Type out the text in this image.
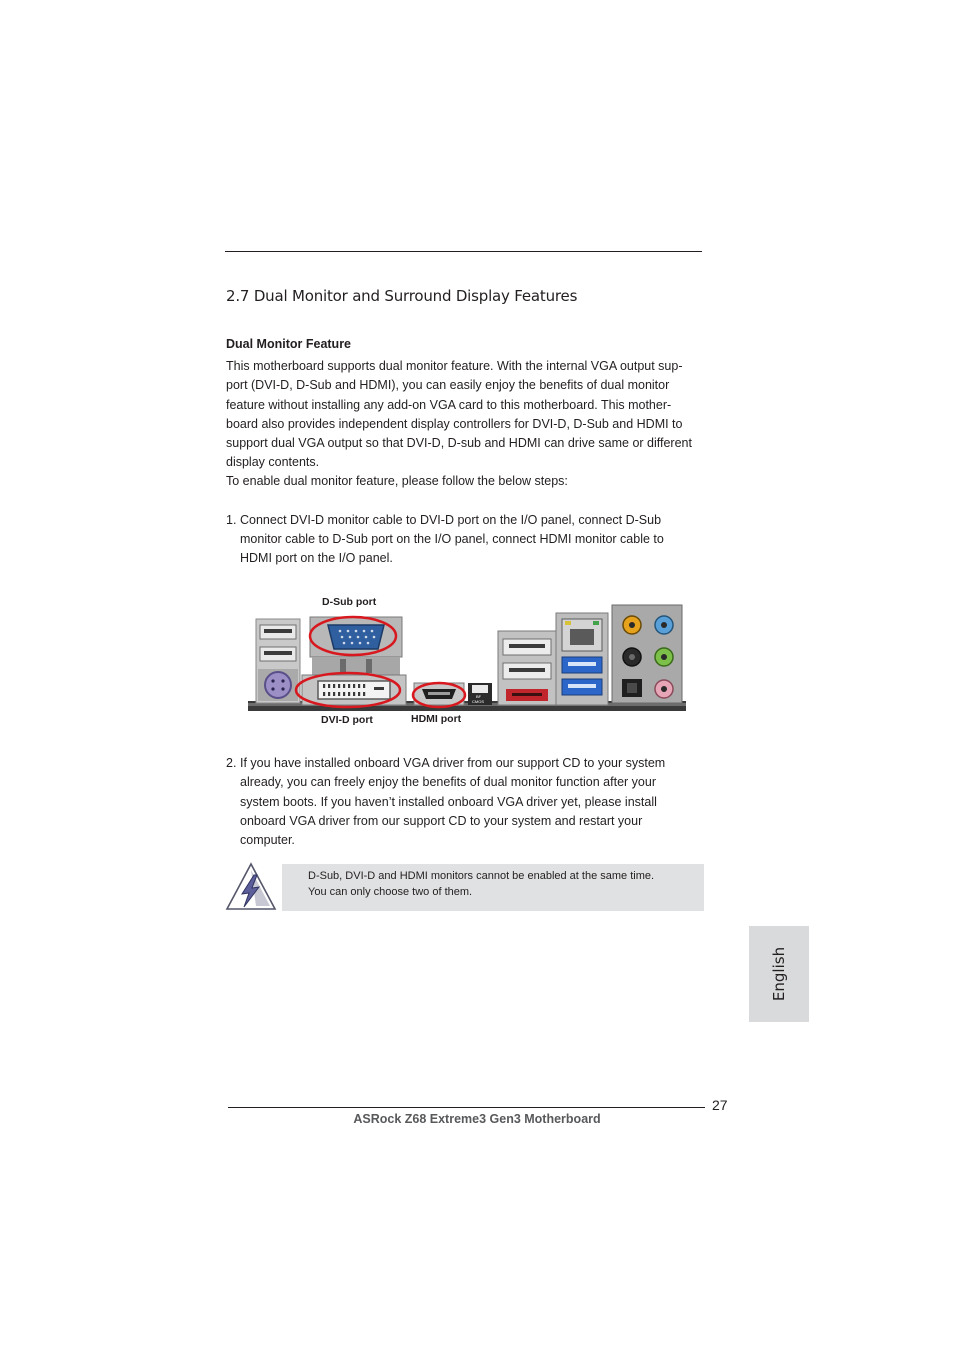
2.7 Dual Monitor and Surround Display Features
Dual Monitor Feature
This motherboard supports dual monitor feature. With the internal VGA output sup-
port (DVI-D, D-Sub and HDMI), you can easily enjoy the benefits of dual monitor
feature without installing any add-on VGA card to this motherboard. This mother-
board also provides independent display controllers for DVI-D, D-Sub and HDMI to
support dual VGA output so that DVI-D, D-sub and HDMI can drive same or different
display contents.
To enable dual monitor feature, please follow the below steps:
1. Connect DVI-D monitor cable to DVI-D port on the I/O panel, connect D-Sub
monitor cable to D-Sub port on the I/O panel, connect HDMI monitor cable to
HDMI port on the I/O panel.
D-Sub port
BF
CMOS
DVI-D port	HDMI port
2. If you have installed onboard VGA driver from our support CD to your system
already, you can freely enjoy the benefits of dual monitor function after your
system boots. If you haven’t installed onboard VGA driver yet, please install
onboard VGA driver from our support CD to your system and restart your
computer.
D-Sub, DVI-D and HDMI monitors cannot be enabled at the same time.
You can only choose two of them.
English
27
ASRock Z68 Extreme3 Gen3 Motherboard
